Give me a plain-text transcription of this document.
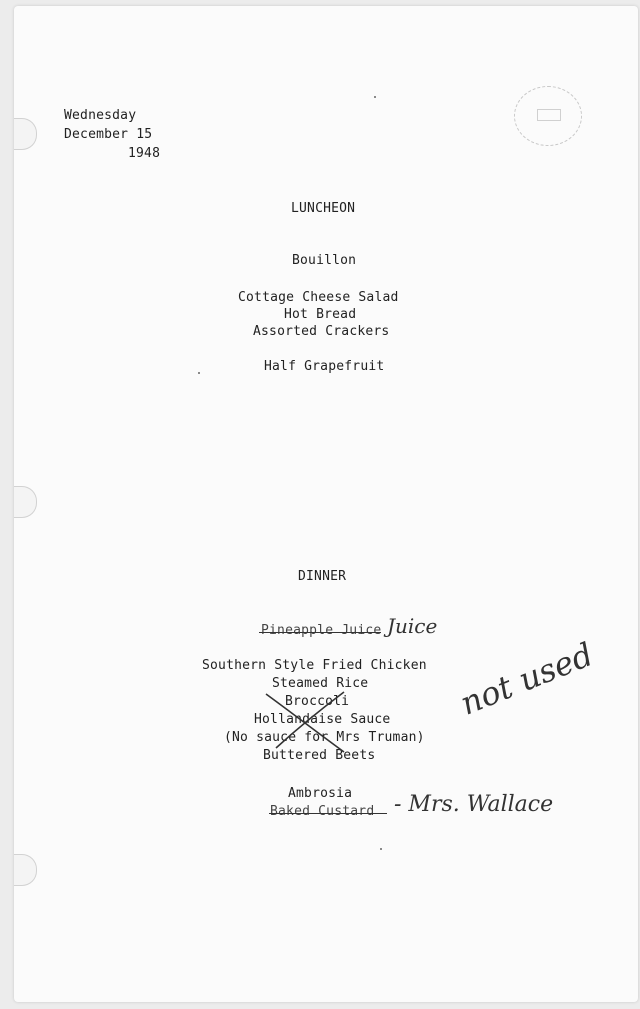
Wednesday
December 15
1948
LUNCHEON
Bouillon
Cottage Cheese Salad
Hot Bread
Assorted Crackers
Half Grapefruit
DINNER
Pineapple Juice Juice
Southern Style Fried Chicken
Steamed Rice
Broccoli
Hollandaise Sauce
(No sauce for Mrs Truman)
Buttered Beets
Ambrosia
Baked Custard - Mrs. Wallace
not used
